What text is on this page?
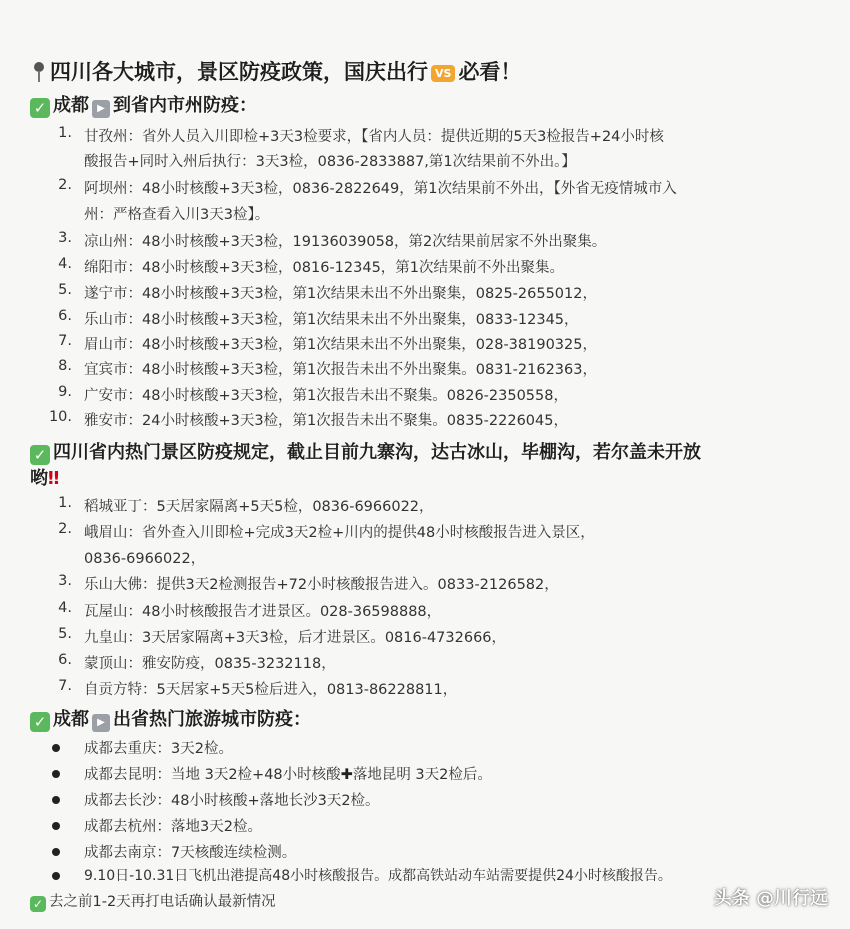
四川各大城市，景区防疫政策，国庆出行 VS 必看！
✓ 成都 ▶ 到省内市州防疫：
1. 甘孜州：省外人员入川即检+3天3检要求，【省内人员：提供近期的5天3检报告+24小时核
酸报告+同时入州后执行：3天3检，0836-2833887,第1次结果前不外出。】
2. 阿坝州：48小时核酸+3天3检，0836-2822649，第1次结果前不外出，【外省无疫情城市入
州：严格查看入川3天3检】。
3. 凉山州：48小时核酸+3天3检，19136039058，第2次结果前居家不外出聚集。
4. 绵阳市：48小时核酸+3天3检，0816-12345，第1次结果前不外出聚集。
5. 遂宁市：48小时核酸+3天3检，第1次结果未出不外出聚集，0825-2655012，
6. 乐山市：48小时核酸+3天3检，第1次结果未出不外出聚集，0833-12345，
7. 眉山市：48小时核酸+3天3检，第1次结果未出不外出聚集，028-38190325，
8. 宜宾市：48小时核酸+3天3检，第1次报告未出不外出聚集。0831-2162363，
9. 广安市：48小时核酸+3天3检，第1次报告未出不聚集。0826-2350558，
10. 雅安市：24小时核酸+3天3检，第1次报告未出不聚集。0835-2226045，
✓ 四川省内热门景区防疫规定，截止目前九寨沟，达古冰山，毕棚沟，若尔盖未开放
哟‼
1. 稻城亚丁：5天居家隔离+5天5检，0836-6966022，
2. 峨眉山：省外查入川即检+完成3天2检+川内的提供48小时核酸报告进入景区，
0836-6966022，
3. 乐山大佛：提供3天2检测报告+72小时核酸报告进入。0833-2126582，
4. 瓦屋山：48小时核酸报告才进景区。028-36598888，
5. 九皇山：3天居家隔离+3天3检，后才进景区。0816-4732666，
6. 蒙顶山：雅安防疫，0835-3232118，
7. 自贡方特：5天居家+5天5检后进入，0813-86228811，
✓ 成都 ▶ 出省热门旅游城市防疫：
成都去重庆：3天2检。
成都去昆明：当地 3天2检+48小时核酸✚落地昆明 3天2检后。
成都去长沙：48小时核酸+落地长沙3天2检。
成都去杭州：落地3天2检。
成都去南京：7天核酸连续检测。
9.10日-10.31日飞机出港提高48小时核酸报告。成都高铁站动车站需要提供24小时核酸报告。
✓ 去之前1-2天再打电话确认最新情况	头条 @川行远
